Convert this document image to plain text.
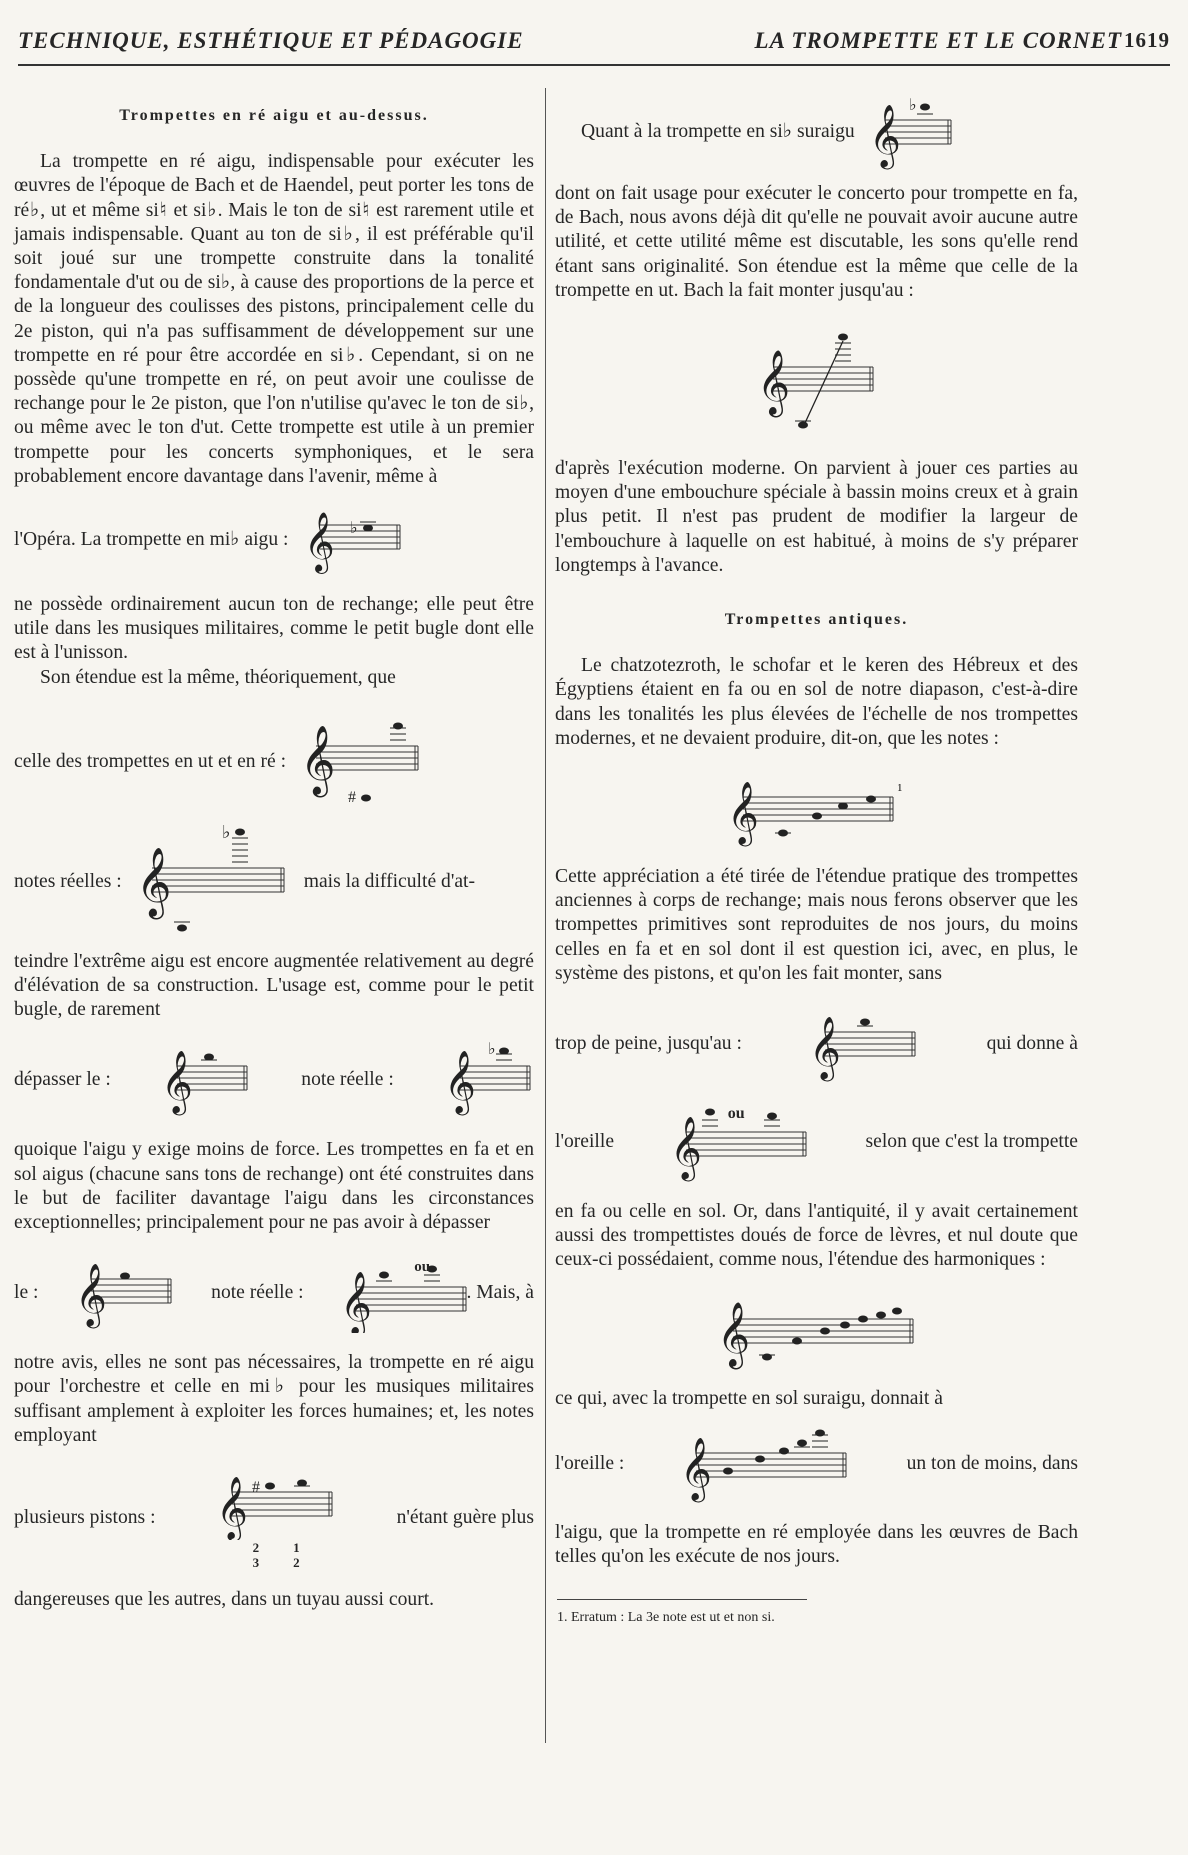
TECHNIQUE, ESTHÉTIQUE ET PÉDAGOGIE	LA TROMPETTE ET LE CORNET 1619
Trompettes en ré aigu et au-dessus.

La trompette en ré aigu, indispensable pour exécuter les œuvres de l'époque de Bach et de Haendel, peut porter les tons de ré♭, ut et même si♮ et si♭. Mais le ton de si♮ est rarement utile et jamais indispensable. Quant au ton de si♭, il est préférable qu'il soit joué sur une trompette construite dans la tonalité fondamentale d'ut ou de si♭, à cause des proportions de la perce et de la longueur des coulisses des pistons, principalement celle du 2e piston, qui n'a pas suffisamment de développement sur une trompette en ré pour être accordée en si♭. Cependant, si on ne possède qu'une trompette en ré, on peut avoir une coulisse de rechange pour le 2e piston, que l'on n'utilise qu'avec le ton de si♭, ou même avec le ton d'ut. Cette trompette est utile à un premier trompette pour les concerts symphoniques, et le sera probablement encore davantage dans l'avenir, même à

l'Opéra. La trompette en mi♭ aigu : 𝄞 ♭

ne possède ordinairement aucun ton de rechange; elle peut être utile dans les musiques militaires, comme le petit bugle dont elle est à l'unisson.

Son étendue est la même, théoriquement, que

celle des trompettes en ut et en ré : 𝄞
#
notes réelles : 𝄞
♭
mais la difficulté d'at-

teindre l'extrême aigu est encore augmentée relativement au degré d'élévation de sa construction. L'usage est, comme pour le petit bugle, de rarement

dépasser le : 𝄞	note réelle : 𝄞
♭

quoique l'aigu y exige moins de force. Les trompettes en fa et en sol aigus (chacune sans tons de rechange) ont été construites dans le but de faciliter davantage l'aigu dans les circonstances exceptionnelles; principalement pour ne pas avoir à dépasser

le : 𝄞	note réelle : 𝄞
ou
. Mais, à

notre avis, elles ne sont pas nécessaires, la trompette en ré aigu pour l'orchestre et celle en mi♭ pour les musiques militaires suffisant amplement à exploiter les forces humaines; et, les notes employant

plusieurs pistons : 𝄞 #
2
3
1
2
n'étant guère plus

dangereuses que les autres, dans un tuyau aussi court.

Quant à la trompette en si♭ suraigu 𝄞
♭

dont on fait usage pour exécuter le concerto pour trompette en fa, de Bach, nous avons déjà dit qu'elle ne pouvait avoir aucune autre utilité, et cette utilité même est discutable, les sons qu'elle rend étant sans originalité. Son étendue est la même que celle de la trompette en ut. Bach la fait monter jusqu'au :

𝄞

d'après l'exécution moderne. On parvient à jouer ces parties au moyen d'une embouchure spéciale à bassin moins creux et à grain plus petit. Il n'est pas prudent de modifier la largeur de l'embouchure à laquelle on est habitué, à moins de s'y préparer longtemps à l'avance.

Trompettes antiques.

Le chatzotezroth, le schofar et le keren des Hébreux et des Égyptiens étaient en fa ou en sol de notre diapason, c'est-à-dire dans les tonalités les plus élevées de l'échelle de nos trompettes modernes, et ne devaient produire, dit-on, que les notes :

𝄞	1

Cette appréciation a été tirée de l'étendue pratique des trompettes anciennes à corps de rechange; mais nous ferons observer que les trompettes primitives sont reproduites de nos jours, du moins celles en fa et en sol dont il est question ici, avec, en plus, le système des pistons, et qu'on les fait monter, sans

trop de peine, jusqu'au : 𝄞	qui donne à
l'oreille 𝄞
ou
selon que c'est la trompette

en fa ou celle en sol. Or, dans l'antiquité, il y avait certainement aussi des trompettistes doués de force de lèvres, et nul doute que ceux-ci possédaient, comme nous, l'étendue des harmoniques :

𝄞

ce qui, avec la trompette en sol suraigu, donnait à

l'oreille : 𝄞	un ton de moins, dans

l'aigu, que la trompette en ré employée dans les œuvres de Bach telles qu'on les exécute de nos jours.

1. Erratum : La 3e note est ut et non si.
